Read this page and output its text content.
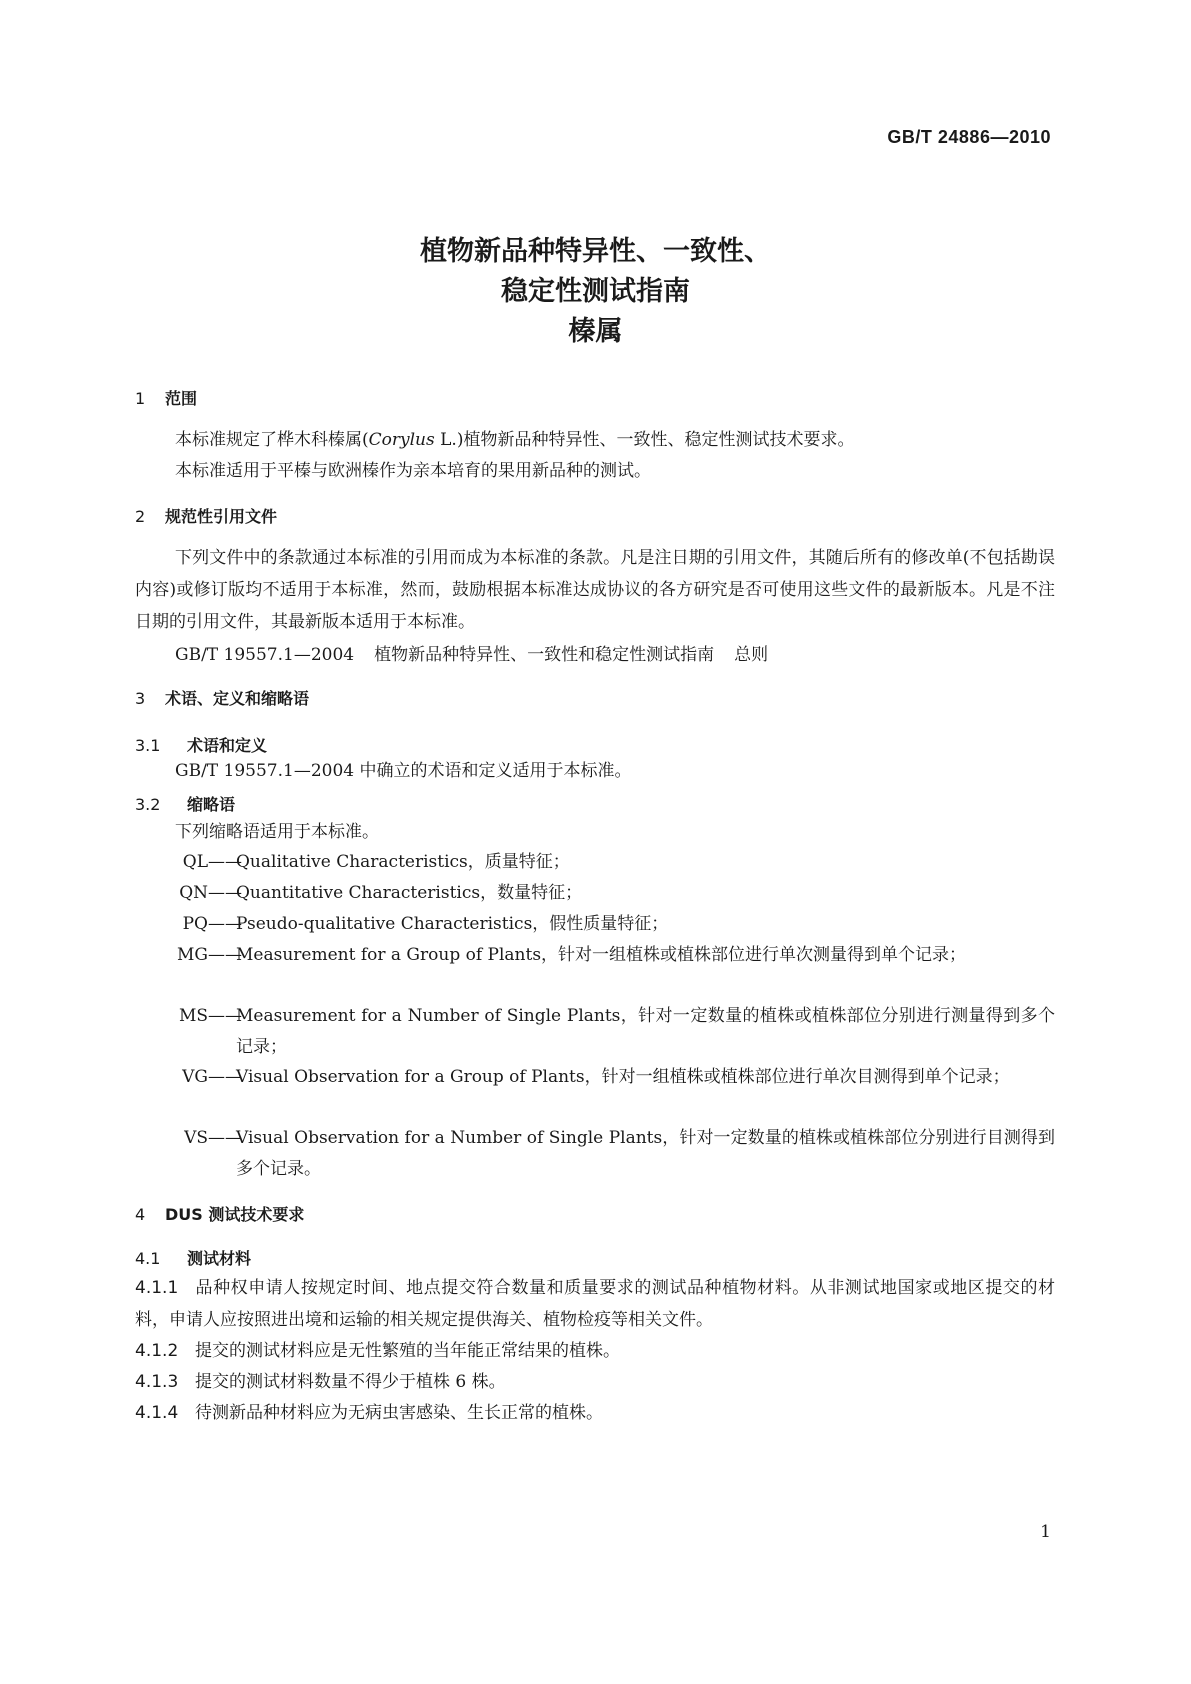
GB/T 24886—2010
植物新品种特异性、一致性、
稳定性测试指南
榛属
1 范围
本标准规定了桦木科榛属(Corylus L.)植物新品种特异性、一致性、稳定性测试技术要求。
本标准适用于平榛与欧洲榛作为亲本培育的果用新品种的测试。
2 规范性引用文件
下列文件中的条款通过本标准的引用而成为本标准的条款。凡是注日期的引用文件，其随后所有的修改单(不包括勘误内容)或修订版均不适用于本标准，然而，鼓励根据本标准达成协议的各方研究是否可使用这些文件的最新版本。凡是不注日期的引用文件，其最新版本适用于本标准。
GB/T 19557.1—2004 植物新品种特异性、一致性和稳定性测试指南 总则
3 术语、定义和缩略语
3.1 术语和定义
GB/T 19557.1—2004 中确立的术语和定义适用于本标准。
3.2 缩略语
下列缩略语适用于本标准。
QL ——
Qualitative Characteristics，质量特征；
QN ——
Quantitative Characteristics，数量特征；
PQ ——
Pseudo-qualitative Characteristics，假性质量特征；
MG ——
Measurement for a Group of Plants，针对一组植株或植株部位进行单次测量得到单个记录；
MS ——
Measurement for a Number of Single Plants，针对一定数量的植株或植株部位分别进行测量得到多个记录；
VG ——
Visual Observation for a Group of Plants，针对一组植株或植株部位进行单次目测得到单个记录；
VS ——
Visual Observation for a Number of Single Plants，针对一定数量的植株或植株部位分别进行目测得到多个记录。
4 DUS 测试技术要求
4.1 测试材料
4.1.1 品种权申请人按规定时间、地点提交符合数量和质量要求的测试品种植物材料。从非测试地国家或地区提交的材料，申请人应按照进出境和运输的相关规定提供海关、植物检疫等相关文件。
4.1.2 提交的测试材料应是无性繁殖的当年能正常结果的植株。
4.1.3 提交的测试材料数量不得少于植株 6 株。
4.1.4 待测新品种材料应为无病虫害感染、生长正常的植株。
1
